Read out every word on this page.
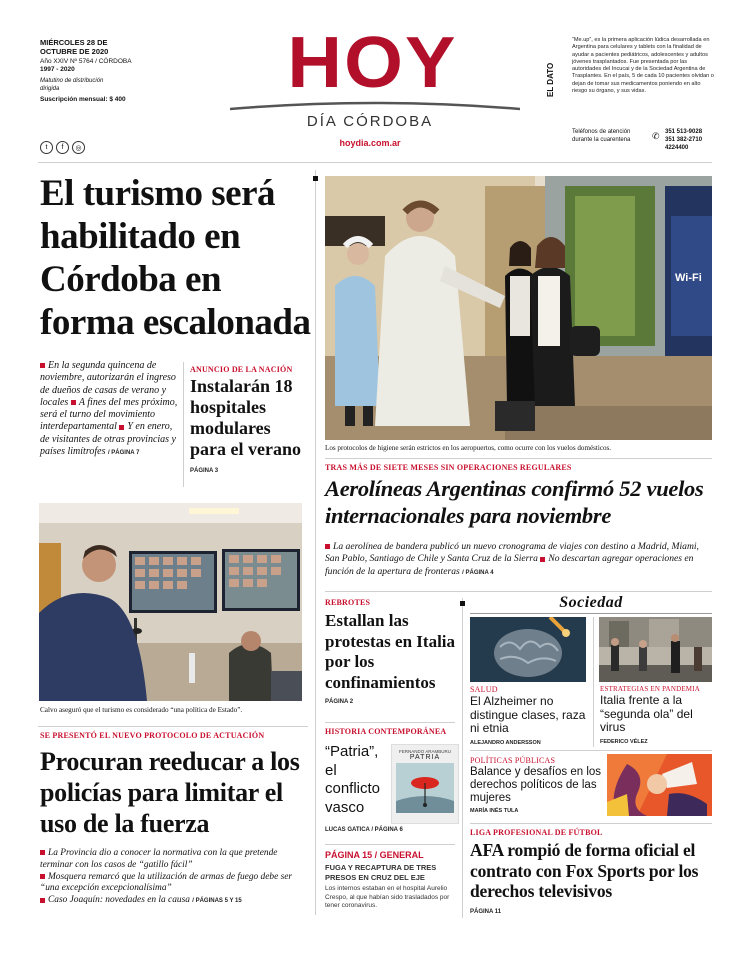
MIÉRCOLES 28 DE OCTUBRE DE 2020
Año XXIV Nº 5764 / CÓRDOBA
1997 - 2020
Matutino de distribución dirigida
Suscripción mensual: $ 400
t	f	◎
HOY
DÍA CÓRDOBA
hoydia.com.ar
EL DATO
“Me.up”, es la primera aplicación lúdica desarrollada en Argentina para celulares y tablets con la finalidad de ayudar a pacientes pediátricos, adolescentes y adultos jóvenes trasplantados. Fue presentada por las autoridades del Incucai y de la Sociedad Argentina de Trasplantes. En el país, 5 de cada 10 pacientes olvidan o dejan de tomar sus medicamentos poniendo en alto riesgo su órgano, y sus vidas.
Teléfonos de atención durante la cuarentena	✆ 351 513-9028
351 382-2710
4224400
El turismo será habilitado en Córdoba en forma escalonada
En la segunda quincena de noviembre, autorizarán el ingreso de dueños de casas de verano y locales A fines del mes próximo, será el turno del movimiento interdepartamental Y en enero, de visitantes de otras provincias y países limítrofes / PÁGINA 7
ANUNCIO DE LA NACIÓN
Instalarán 18 hospitales modulares para el verano
PÁGINA 3
Calvo aseguró que el turismo es considerado “una política de Estado”.
SE PRESENTÓ EL NUEVO PROTOCOLO DE ACTUACIÓN
Procuran reeducar a los policías para limitar el uso de la fuerza
La Provincia dio a conocer la normativa con la que pretende terminar con los casos de “gatillo fácil”
Mosquera remarcó que la utilización de armas de fuego debe ser “una excepción excepcionalísima”
Caso Joaquín: novedades en la causa / PÁGINAS 5 Y 15
Wi-Fi
Los protocolos de higiene serán estrictos en los aeropuertos, como ocurre con los vuelos domésticos.
TRAS MÁS DE SIETE MESES SIN OPERACIONES REGULARES
Aerolíneas Argentinas confirmó 52 vuelos internacionales para noviembre
La aerolínea de bandera publicó un nuevo cronograma de viajes con destino a Madrid, Miami, San Pablo, Santiago de Chile y Santa Cruz de la Sierra No descartan agregar operaciones en función de la apertura de fronteras / PÁGINA 4
REBROTES
Estallan las protestas en Italia por los confinamientos
PÁGINA 2
HISTORIA CONTEMPORÁNEA
“Patria”,
el conflicto vasco
FERNANDO ARAMBURU
PATRIA
LUCAS GATICA / PÁGINA 6
PÁGINA 15 / GENERAL
FUGA Y RECAPTURA DE TRES PRESOS EN CRUZ DEL EJE
Los internos estaban en el hospital Aurelio Crespo, al que habían sido trasladados por tener coronavirus.
Sociedad
SALUD
El Alzheimer no distingue clases, raza ni etnia
ALEJANDRO ANDERSSON
ESTRATEGIAS EN PANDEMIA
Italia frente a la “segunda ola” del virus
FEDERICO VÉLEZ
POLÍTICAS PÚBLICAS
Balance y desafíos en los derechos políticos de las mujeres
MARÍA INÉS TULA
LIGA PROFESIONAL DE FÚTBOL
AFA rompió de forma oficial el contrato con Fox Sports por los derechos televisivos
PÁGINA 11
